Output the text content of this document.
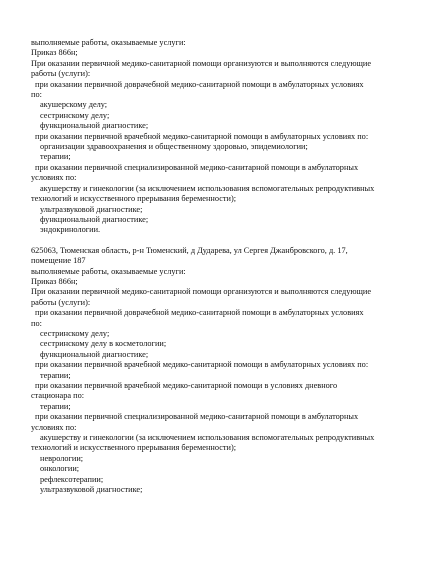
выполняемые работы, оказываемые услуги:
Приказ 866н;
При оказании первичной медико-санитарной помощи организуются и выполняются следующие
работы (услуги):
при оказании первичной доврачебной медико-санитарной помощи в амбулаторных условиях
по:
акушерскому делу;
сестринскому делу;
функциональной диагностике;
при оказании первичной врачебной медико-санитарной помощи в амбулаторных условиях по:
организации здравоохранения и общественному здоровью, эпидемиологии;
терапии;
при оказании первичной специализированной медико-санитарной помощи в амбулаторных
условиях по:
акушерству и гинекологии (за исключением использования вспомогательных репродуктивных
технологий и искусственного прерывания беременности);
ультразвуковой диагностике;
функциональной диагностике;
эндокринологии.
625063, Тюменская область, р-н Тюменский, д Дударева, ул Сергея Джанбровского, д. 17,
помещение 187
выполняемые работы, оказываемые услуги:
Приказ 866н;
При оказании первичной медико-санитарной помощи организуются и выполняются следующие
работы (услуги):
при оказании первичной доврачебной медико-санитарной помощи в амбулаторных условиях
по:
сестринскому делу;
сестринскому делу в косметологии;
функциональной диагностике;
при оказании первичной врачебной медико-санитарной помощи в амбулаторных условиях по:
терапии;
при оказании первичной врачебной медико-санитарной помощи в условиях дневного
стационара по:
терапии;
при оказании первичной специализированной медико-санитарной помощи в амбулаторных
условиях по:
акушерству и гинекологии (за исключением использования вспомогательных репродуктивных
технологий и искусственного прерывания беременности);
неврологии;
онкологии;
рефлексотерапии;
ультразвуковой диагностике;
